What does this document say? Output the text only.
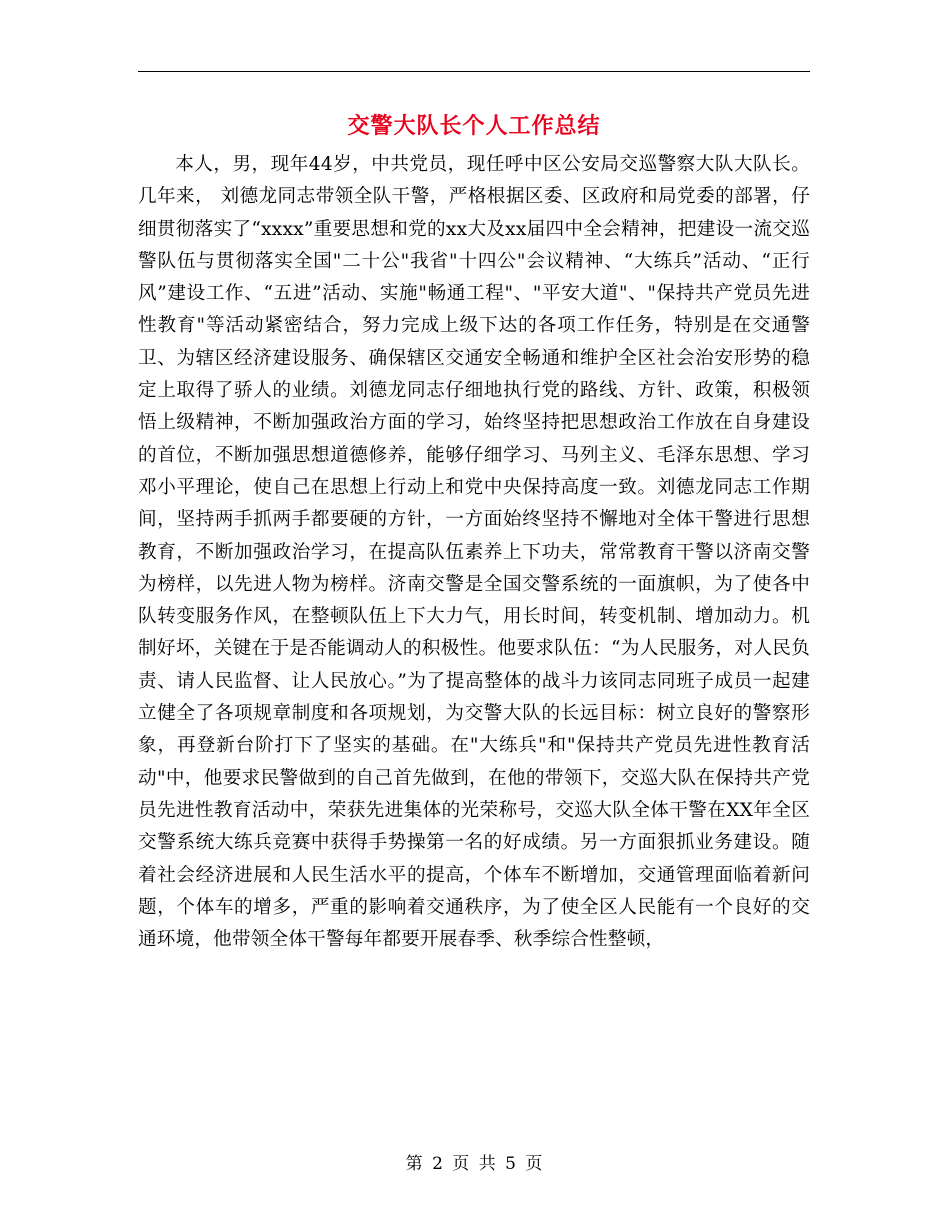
交警大队长个人工作总结

本人，男，现年44岁，中共党员，现任呼中区公安局交巡警察大队大队长。几年来， 刘德龙同志带领全队干警，严格根据区委、区政府和局党委的部署，仔细贯彻落实了“xxxx”重要思想和党的xx大及xx届四中全会精神，把建设一流交巡警队伍与贯彻落实全国"二十公"我省"十四公"会议精神、“大练兵”活动、“正行风”建设工作、“五进”活动、实施"畅通工程"、"平安大道"、"保持共产党员先进性教育"等活动紧密结合，努力完成上级下达的各项工作任务，特别是在交通警卫、为辖区经济建设服务、确保辖区交通安全畅通和维护全区社会治安形势的稳定上取得了骄人的业绩。刘德龙同志仔细地执行党的路线、方针、政策，积极领悟上级精神，不断加强政治方面的学习，始终坚持把思想政治工作放在自身建设的首位，不断加强思想道德修养，能够仔细学习、马列主义、毛泽东思想、学习邓小平理论，使自己在思想上行动上和党中央保持高度一致。刘德龙同志工作期间，坚持两手抓两手都要硬的方针，一方面始终坚持不懈地对全体干警进行思想教育，不断加强政治学习，在提高队伍素养上下功夫，常常教育干警以济南交警为榜样，以先进人物为榜样。济南交警是全国交警系统的一面旗帜，为了使各中队转变服务作风，在整顿队伍上下大力气，用长时间，转变机制、增加动力。机制好坏，关键在于是否能调动人的积极性。他要求队伍：“为人民服务，对人民负责、请人民监督、让人民放心。”为了提高整体的战斗力该同志同班子成员一起建立健全了各项规章制度和各项规划，为交警大队的长远目标：树立良好的警察形象，再登新台阶打下了坚实的基础。在"大练兵"和"保持共产党员先进性教育活动"中，他要求民警做到的自己首先做到，在他的带领下，交巡大队在保持共产党员先进性教育活动中，荣获先进集体的光荣称号，交巡大队全体干警在XX年全区交警系统大练兵竞赛中获得手势操第一名的好成绩。另一方面狠抓业务建设。随着社会经济进展和人民生活水平的提高，个体车不断增加，交通管理面临着新问题，个体车的增多，严重的影响着交通秩序，为了使全区人民能有一个良好的交通环境，他带领全体干警每年都要开展春季、秋季综合性整顿，

第 2 页 共 5 页
